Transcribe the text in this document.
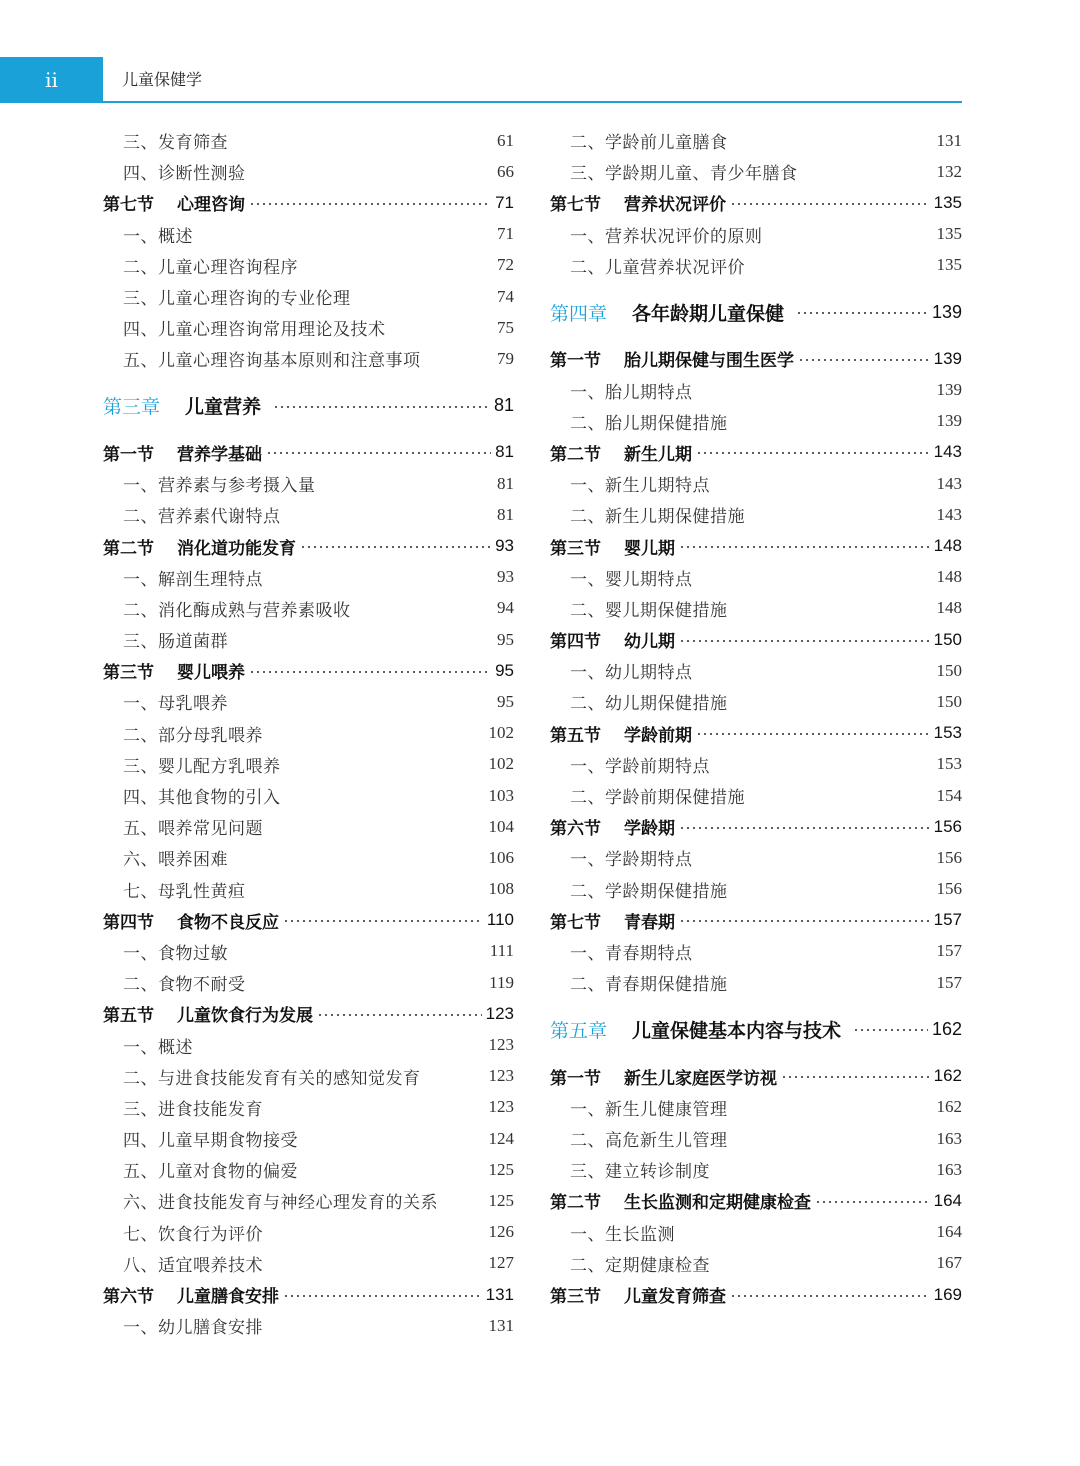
ii	儿童保健学
三、发育筛查	61
四、诊断性测验	66
第七节	心理咨询	71
一、概述	71
二、儿童心理咨询程序	72
三、儿童心理咨询的专业伦理	74
四、儿童心理咨询常用理论及技术	75
五、儿童心理咨询基本原则和注意事项	79
第三章	儿童营养	81
第一节	营养学基础	81
一、营养素与参考摄入量	81
二、营养素代谢特点	81
第二节	消化道功能发育	93
一、解剖生理特点	93
二、消化酶成熟与营养素吸收	94
三、肠道菌群	95
第三节	婴儿喂养	95
一、母乳喂养	95
二、部分母乳喂养	102
三、婴儿配方乳喂养	102
四、其他食物的引入	103
五、喂养常见问题	104
六、喂养困难	106
七、母乳性黄疸	108
第四节	食物不良反应	110
一、食物过敏	111
二、食物不耐受	119
第五节	儿童饮食行为发展	123
一、概述	123
二、与进食技能发育有关的感知觉发育	123
三、进食技能发育	123
四、儿童早期食物接受	124
五、儿童对食物的偏爱	125
六、进食技能发育与神经心理发育的关系	125
七、饮食行为评价	126
八、适宜喂养技术	127
第六节	儿童膳食安排	131
一、幼儿膳食安排	131
二、学龄前儿童膳食	131
三、学龄期儿童、青少年膳食	132
第七节	营养状况评价	135
一、营养状况评价的原则	135
二、儿童营养状况评价	135
第四章	各年龄期儿童保健	139
第一节	胎儿期保健与围生医学	139
一、胎儿期特点	139
二、胎儿期保健措施	139
第二节	新生儿期	143
一、新生儿期特点	143
二、新生儿期保健措施	143
第三节	婴儿期	148
一、婴儿期特点	148
二、婴儿期保健措施	148
第四节	幼儿期	150
一、幼儿期特点	150
二、幼儿期保健措施	150
第五节	学龄前期	153
一、学龄前期特点	153
二、学龄前期保健措施	154
第六节	学龄期	156
一、学龄期特点	156
二、学龄期保健措施	156
第七节	青春期	157
一、青春期特点	157
二、青春期保健措施	157
第五章	儿童保健基本内容与技术	162
第一节	新生儿家庭医学访视	162
一、新生儿健康管理	162
二、高危新生儿管理	163
三、建立转诊制度	163
第二节	生长监测和定期健康检查	164
一、生长监测	164
二、定期健康检查	167
第三节	儿童发育筛查	169
